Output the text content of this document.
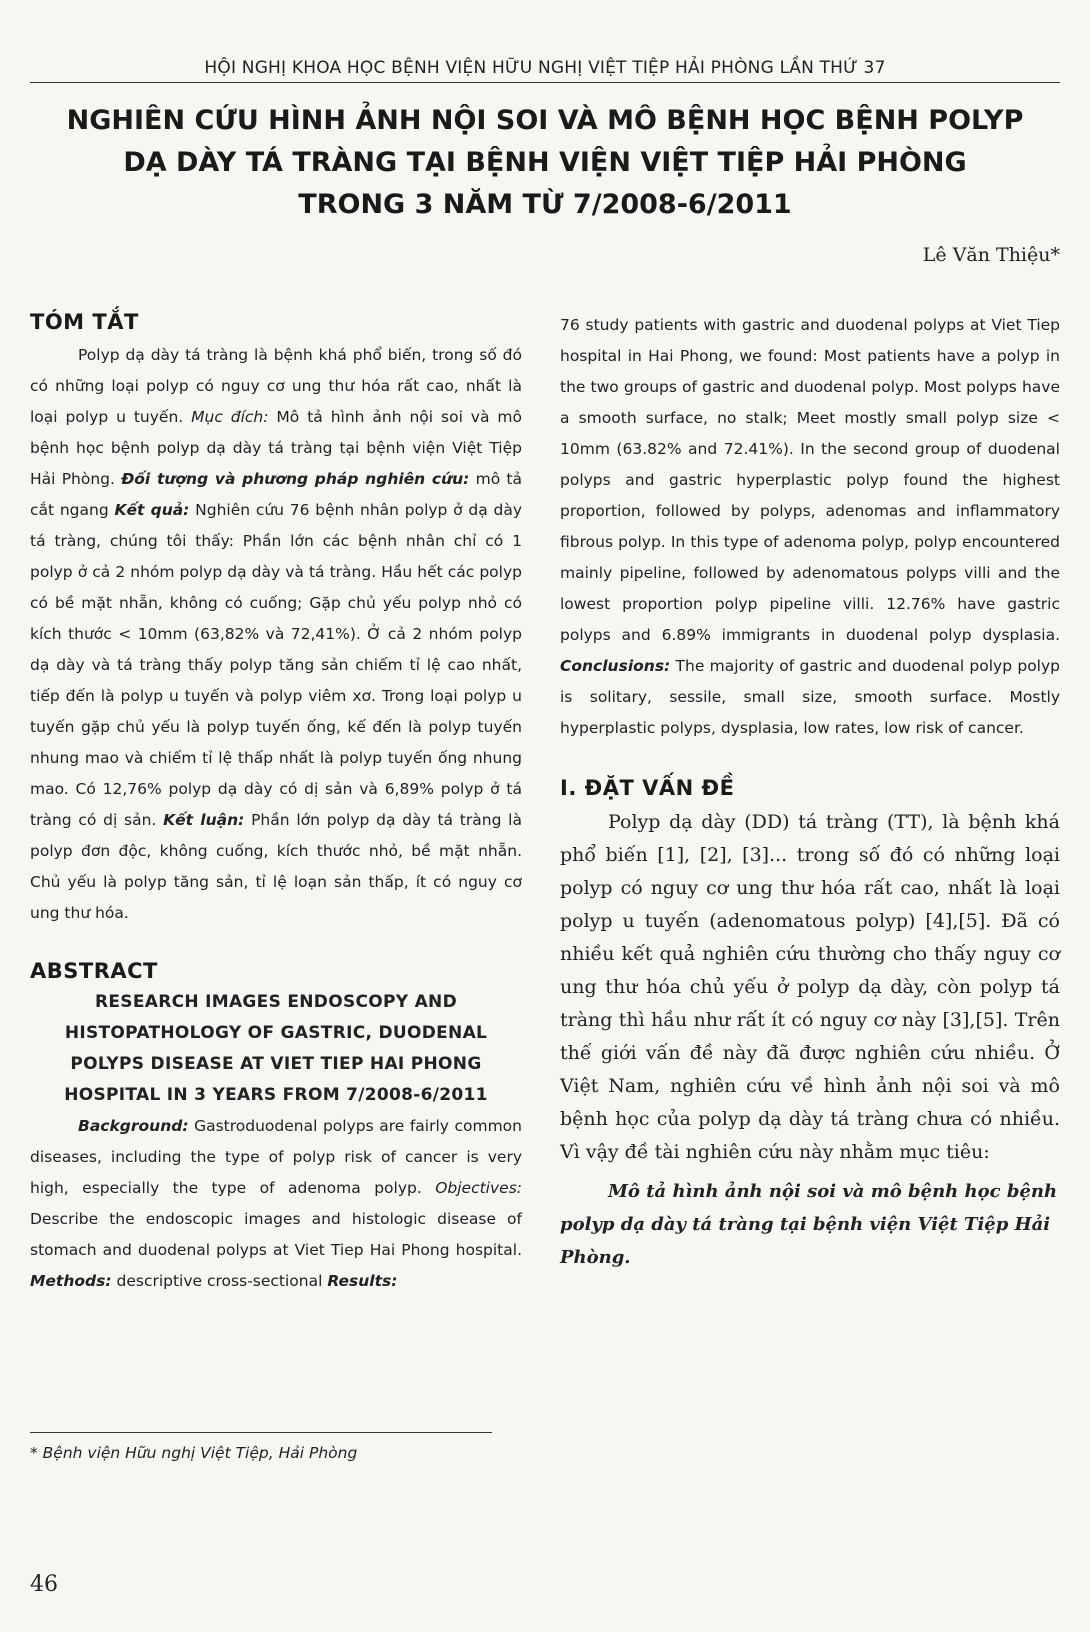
HỘI NGHỊ KHOA HỌC BỆNH VIỆN HỮU NGHỊ VIỆT TIỆP HẢI PHÒNG LẦN THỨ 37
NGHIÊN CỨU HÌNH ẢNH NỘI SOI VÀ MÔ BỆNH HỌC BỆNH POLYP
DẠ DÀY TÁ TRÀNG TẠI BỆNH VIỆN VIỆT TIỆP HẢI PHÒNG
TRONG 3 NĂM TỪ 7/2008-6/2011
Lê Văn Thiệu*
TÓM TẮT

Polyp dạ dày tá tràng là bệnh khá phổ biến, trong số đó có những loại polyp có nguy cơ ung thư hóa rất cao, nhất là loại polyp u tuyến. Mục đích: Mô tả hình ảnh nội soi và mô bệnh học bệnh polyp dạ dày tá tràng tại bệnh viện Việt Tiệp Hải Phòng. Đối tượng và phương pháp nghiên cứu: mô tả cắt ngang Kết quả: Nghiên cứu 76 bệnh nhân polyp ở dạ dày tá tràng, chúng tôi thấy: Phần lớn các bệnh nhân chỉ có 1 polyp ở cả 2 nhóm polyp dạ dày và tá tràng. Hầu hết các polyp có bề mặt nhẵn, không có cuống; Gặp chủ yếu polyp nhỏ có kích thước < 10mm (63,82% và 72,41%). Ở cả 2 nhóm polyp dạ dày và tá tràng thấy polyp tăng sản chiếm tỉ lệ cao nhất, tiếp đến là polyp u tuyến và polyp viêm xơ. Trong loại polyp u tuyến gặp chủ yếu là polyp tuyến ống, kế đến là polyp tuyến nhung mao và chiếm tỉ lệ thấp nhất là polyp tuyến ống nhung mao. Có 12,76% polyp dạ dày có dị sản và 6,89% polyp ở tá tràng có dị sản. Kết luận: Phần lớn polyp dạ dày tá tràng là polyp đơn độc, không cuống, kích thước nhỏ, bề mặt nhẵn. Chủ yếu là polyp tăng sản, tỉ lệ loạn sản thấp, ít có nguy cơ ung thư hóa.

ABSTRACT

RESEARCH IMAGES ENDOSCOPY AND

HISTOPATHOLOGY OF GASTRIC, DUODENAL

POLYPS DISEASE AT VIET TIEP HAI PHONG

HOSPITAL IN 3 YEARS FROM 7/2008-6/2011

Background: Gastroduodenal polyps are fairly common diseases, including the type of polyp risk of cancer is very high, especially the type of adenoma polyp. Objectives: Describe the endoscopic images and histologic disease of stomach and duodenal polyps at Viet Tiep Hai Phong hospital. Methods: descriptive cross-sectional Results:

76 study patients with gastric and duodenal polyps at Viet Tiep hospital in Hai Phong, we found: Most patients have a polyp in the two groups of gastric and duodenal polyp. Most polyps have a smooth surface, no stalk; Meet mostly small polyp size < 10mm (63.82% and 72.41%). In the second group of duodenal polyps and gastric hyperplastic polyp found the highest proportion, followed by polyps, adenomas and inflammatory fibrous polyp. In this type of adenoma polyp, polyp encountered mainly pipeline, followed by adenomatous polyps villi and the lowest proportion polyp pipeline villi. 12.76% have gastric polyps and 6.89% immigrants in duodenal polyp dysplasia. Conclusions: The majority of gastric and duodenal polyp polyp is solitary, sessile, small size, smooth surface. Mostly hyperplastic polyps, dysplasia, low rates, low risk of cancer.

I. ĐẶT VẤN ĐỀ

Polyp dạ dày (DD) tá tràng (TT), là bệnh khá phổ biến [1], [2], [3]... trong số đó có những loại polyp có nguy cơ ung thư hóa rất cao, nhất là loại polyp u tuyến (adenomatous polyp) [4],[5]. Đã có nhiều kết quả nghiên cứu thường cho thấy nguy cơ ung thư hóa chủ yếu ở polyp dạ dày, còn polyp tá tràng thì hầu như rất ít có nguy cơ này [3],[5]. Trên thế giới vấn đề này đã được nghiên cứu nhiều. Ở Việt Nam, nghiên cứu về hình ảnh nội soi và mô bệnh học của polyp dạ dày tá tràng chưa có nhiều. Vì vậy đề tài nghiên cứu này nhằm mục tiêu:

Mô tả hình ảnh nội soi và mô bệnh học bệnh polyp dạ dày tá tràng tại bệnh viện Việt Tiệp Hải Phòng.

* Bệnh viện Hữu nghị Việt Tiệp, Hải Phòng
46
